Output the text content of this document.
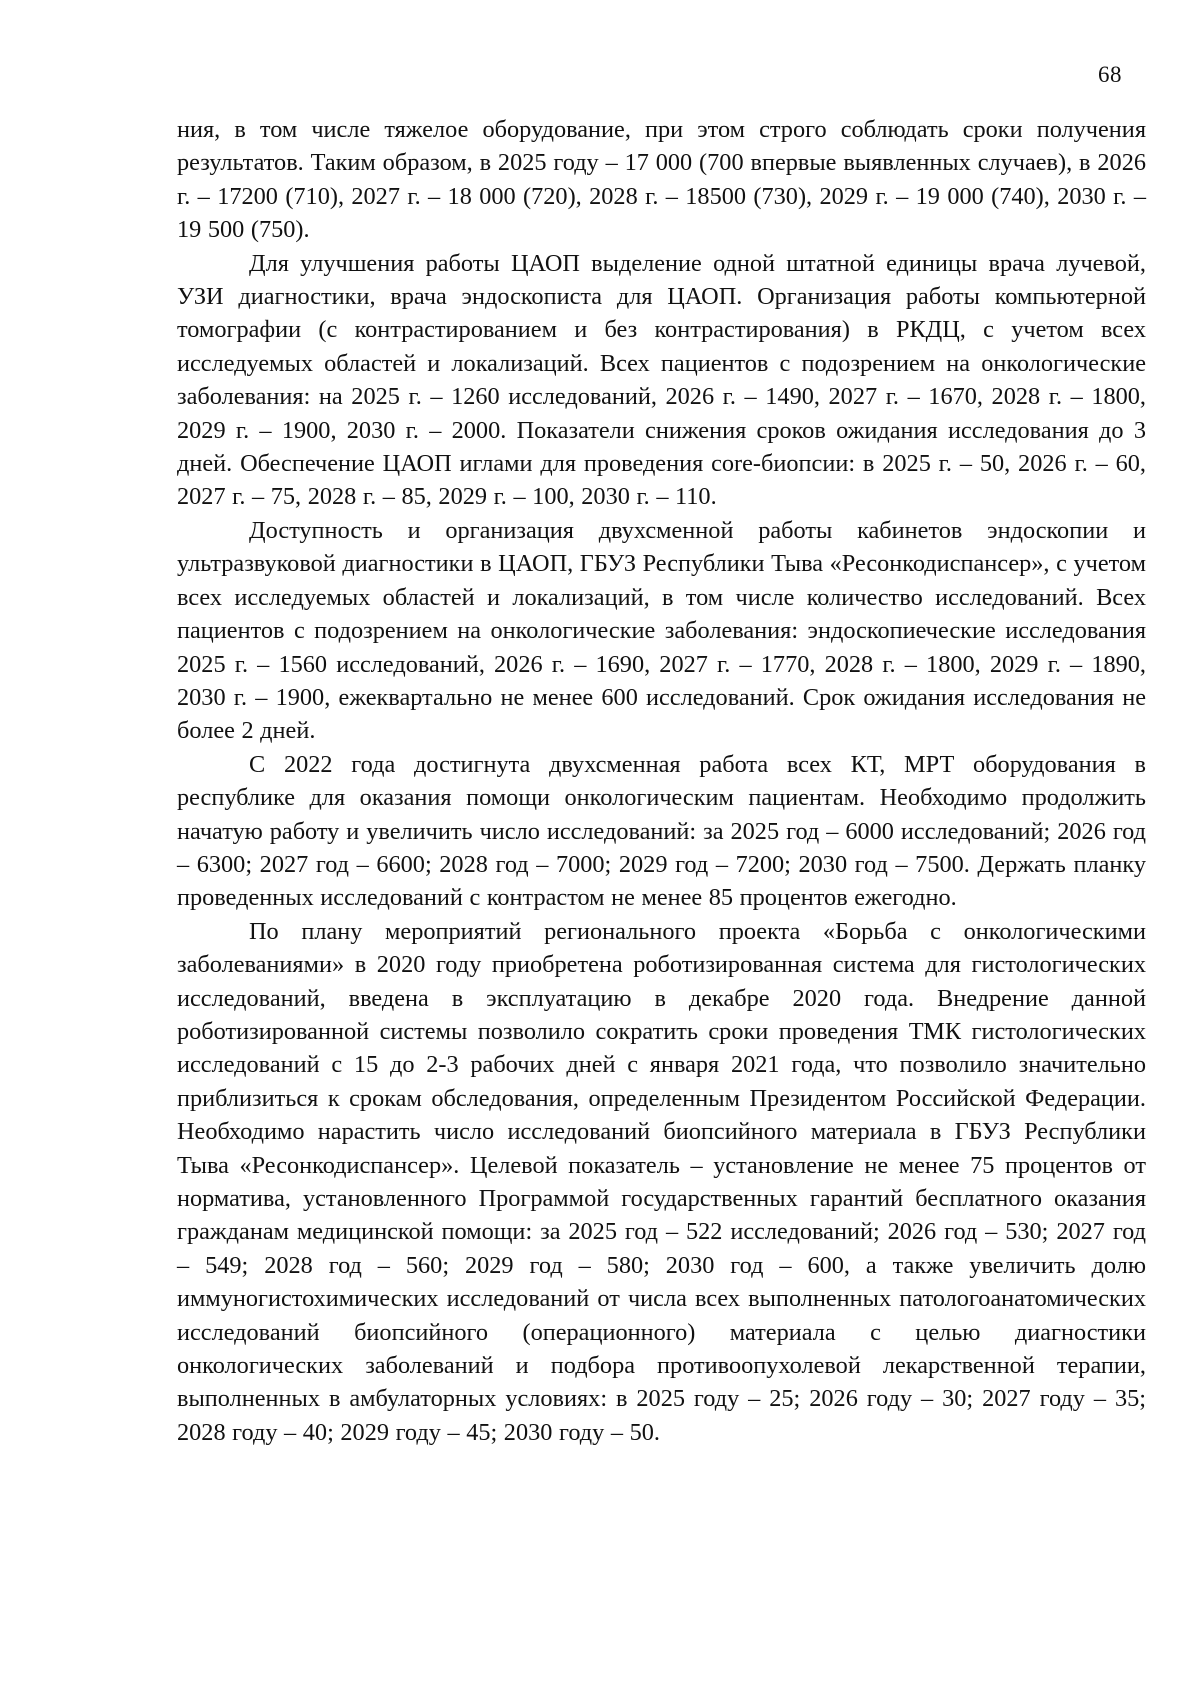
68

ния, в том числе тяжелое оборудование, при этом строго соблюдать сроки получения результатов. Таким образом, в 2025 году – 17 000 (700 впервые выявленных случаев), в 2026 г. – 17200 (710), 2027 г. – 18 000 (720), 2028 г. – 18500 (730), 2029 г. – 19 000 (740), 2030 г. – 19 500 (750).

Для улучшения работы ЦАОП выделение одной штатной единицы врача лучевой, УЗИ диагностики, врача эндоскописта для ЦАОП. Организация работы компьютерной томографии (с контрастированием и без контрастирования) в РКДЦ, с учетом всех исследуемых областей и локализаций. Всех пациентов с подозрением на онкологические заболевания: на 2025 г. – 1260 исследований, 2026 г. – 1490, 2027 г. – 1670, 2028 г. – 1800, 2029 г. – 1900, 2030 г. – 2000. Показатели снижения сроков ожидания исследования до 3 дней. Обеспечение ЦАОП иглами для проведения core-биопсии: в 2025 г. – 50, 2026 г. – 60, 2027 г. – 75, 2028 г. – 85, 2029 г. – 100, 2030 г. – 110.

Доступность и организация двухсменной работы кабинетов эндоскопии и ультразвуковой диагностики в ЦАОП, ГБУЗ Республики Тыва «Ресонкодиспансер», с учетом всех исследуемых областей и локализаций, в том числе количество исследований. Всех пациентов с подозрением на онкологические заболевания: эндоскопиеческие исследования 2025 г. – 1560 исследований, 2026 г. – 1690, 2027 г. – 1770, 2028 г. – 1800, 2029 г. – 1890, 2030 г. – 1900, ежеквартально не менее 600 исследований. Срок ожидания исследования не более 2 дней.

С 2022 года достигнута двухсменная работа всех КТ, МРТ оборудования в республике для оказания помощи онкологическим пациентам. Необходимо продолжить начатую работу и увеличить число исследований: за 2025 год – 6000 исследований; 2026 год – 6300; 2027 год – 6600; 2028 год – 7000; 2029 год – 7200; 2030 год – 7500. Держать планку проведенных исследований с контрастом не менее 85 процентов ежегодно.

По плану мероприятий регионального проекта «Борьба с онкологическими заболеваниями» в 2020 году приобретена роботизированная система для гистологических исследований, введена в эксплуатацию в декабре 2020 года. Внедрение данной роботизированной системы позволило сократить сроки проведения ТМК гистологических исследований с 15 до 2-3 рабочих дней с января 2021 года, что позволило значительно приблизиться к срокам обследования, определенным Президентом Российской Федерации. Необходимо нарастить число исследований биопсийного материала в ГБУЗ Республики Тыва «Ресонкодиспансер». Целевой показатель – установление не менее 75 процентов от норматива, установленного Программой государственных гарантий бесплатного оказания гражданам медицинской помощи: за 2025 год – 522 исследований; 2026 год – 530; 2027 год – 549; 2028 год – 560; 2029 год – 580; 2030 год – 600, а также увеличить долю иммуногистохимических исследований от числа всех выполненных патологоанатомических исследований биопсийного (операционного) материала с целью диагностики онкологических заболеваний и подбора противоопухолевой лекарственной терапии, выполненных в амбулаторных условиях: в 2025 году – 25; 2026 году – 30; 2027 году – 35; 2028 году – 40; 2029 году – 45; 2030 году – 50.
